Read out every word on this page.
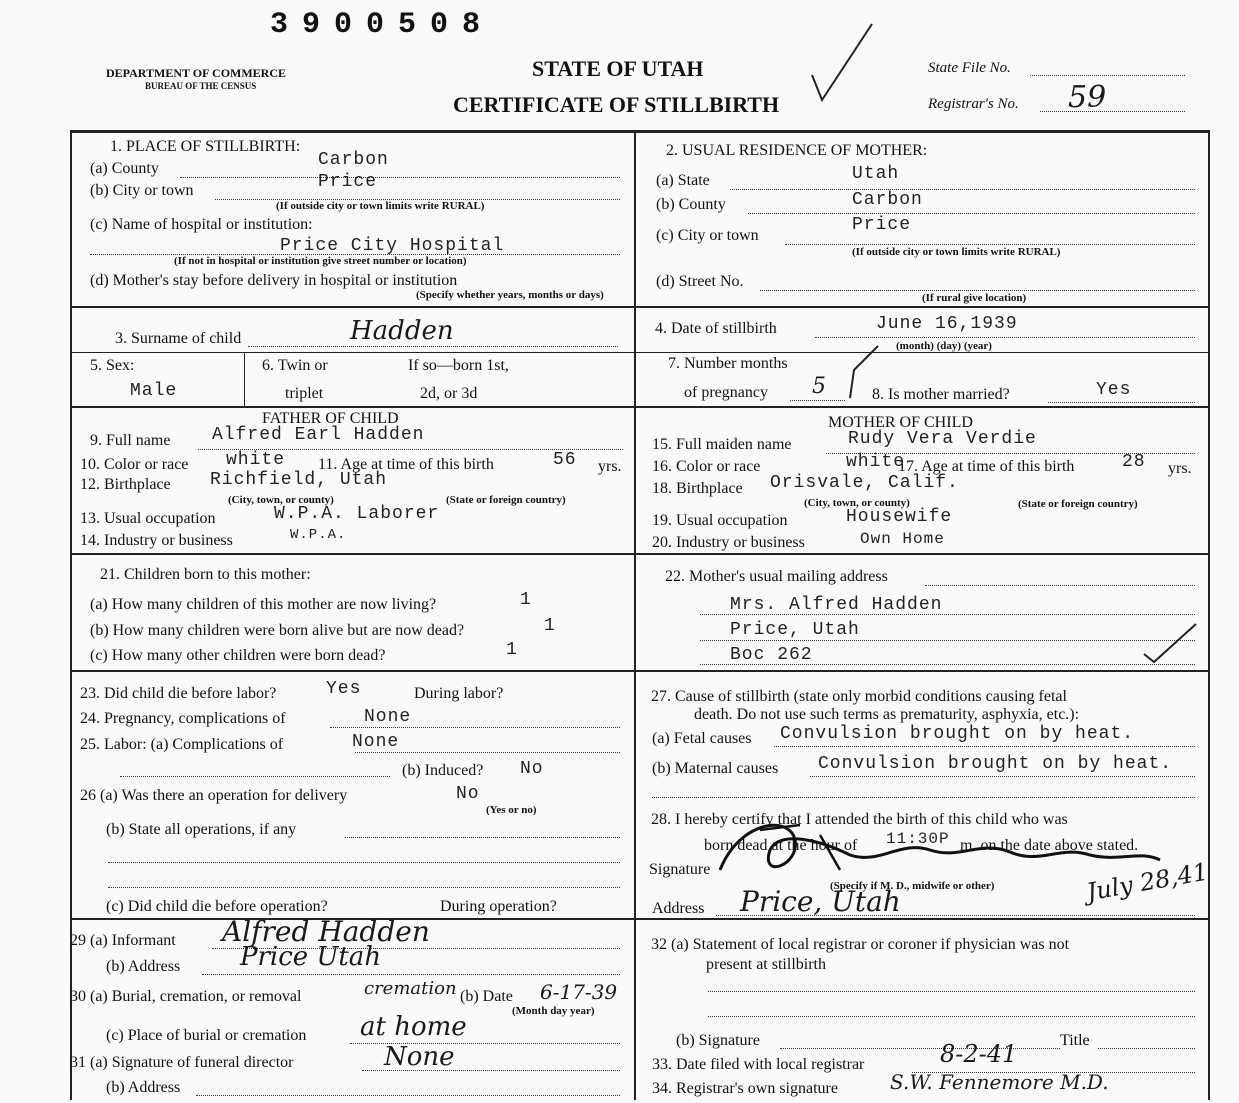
3900508
DEPARTMENT OF COMMERCE
BUREAU OF THE CENSUS
STATE OF UTAH
CERTIFICATE OF STILLBIRTH
State File No.
Registrar's No. 59
1. PLACE OF STILLBIRTH:
(a) County	Carbon
(b) City or town	Price
(If outside city or town limits write RURAL)
(c) Name of hospital or institution:
Price City Hospital
(If not in hospital or institution give street number or location)
(d) Mother's stay before delivery in hospital or institution
(Specify whether years, months or days)
2. USUAL RESIDENCE OF MOTHER:
(a) State	Utah
(b) County	Carbon
(c) City or town
Price
(If outside city or town limits write RURAL)
(d) Street No.
(If rural give location)
3. Surname of child	Hadden	4. Date of stillbirth	June 16,1939
(month) (day) (year)
5. Sex:
Male
6. Twin or
triplet
If so—born 1st,
2d, or 3d
7. Number months
of pregnancy 5	8. Is mother married?	Yes
FATHER OF CHILD
9. Full name Alfred Earl Hadden
10. Color or race white 11. Age at time of this birth	56 yrs.
12. Birthplace Richfield, Utah
(City, town, or county)	(State or foreign country)
13. Usual occupation	W.P.A. Laborer
14. Industry or business	W.P.A.
MOTHER OF CHILD
15. Full maiden name	Rudy Vera Verdie
16. Color or race	white
17. Age at time of this birth	28 yrs.
18. Birthplace Orisvale, Calif.
(City, town, or county)	(State or foreign country)
19. Usual occupation	Housewife
20. Industry or business	Own Home
21. Children born to this mother:
(a) How many children of this mother are now living?	1
(b) How many children were born alive but are now dead?	1
(c) How many other children were born dead?	1
22. Mother's usual mailing address
Mrs. Alfred Hadden
Price, Utah
Boc 262
23. Did child die before labor?	Yes	During labor?
24. Pregnancy, complications of	None
25. Labor: (a) Complications of	None
(b) Induced? No
26 (a) Was there an operation for delivery	No
(Yes or no)
(b) State all operations, if any
(c) Did child die before operation?	During operation?
27. Cause of stillbirth (state only morbid conditions causing fetal
death. Do not use such terms as prematurity, asphyxia, etc.):
(a) Fetal causes Convulsion brought on by heat.
(b) Maternal causes Convulsion brought on by heat.
28. I hereby certify that I attended the birth of this child who was
born dead at the hour of 11:30P m. on the date above stated.
Signature
(Specify if M. D., midwife or other)
Address Price, Utah	July 28,41
29 (a) Informant Alfred Hadden
(b) Address Price Utah
30 (a) Burial, cremation, or removal	cremation (b) Date 6-17-39
(Month day year)
(c) Place of burial or cremation at home
31 (a) Signature of funeral director	None
(b) Address
32 (a) Statement of local registrar or coroner if physician was not
present at stillbirth
(b) Signature	Title
33. Date filed with local registrar	8-2-41
34. Registrar's own signature	S.W. Fennemore M.D.
